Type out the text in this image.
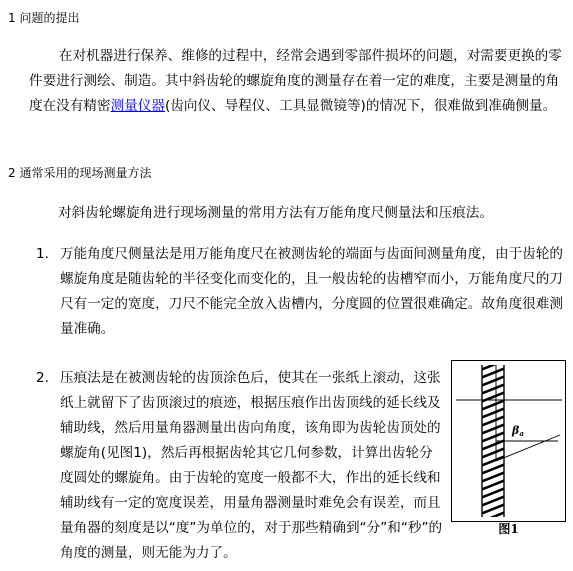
1 问题的提出

在对机器进行保养、维修的过程中，经常会遇到零部件损坏的问题，对需要更换的零件要进行测绘、制造。其中斜齿轮的螺旋角度的测量存在着一定的难度，主要是测量的角度在没有精密测量仪器(齿向仪、导程仪、工具显微镜等)的情况下，很难做到准确侧量。

2 通常采用的现场测量方法

对斜齿轮螺旋角进行现场测量的常用方法有万能角度尺侧量法和压痕法。

1. 万能角度尺侧量法是用万能角度尺在被测齿轮的端面与齿面间测量角度，由于齿轮的螺旋角度是随齿轮的半径变化而变化的，且一般齿轮的齿槽窄而小，万能角度尺的刀尺有一定的宽度，刀尺不能完全放入齿槽内，分度圆的位置很难确定。故角度很难测量准确。

2. 压痕法是在被测齿轮的齿顶涂色后，使其在一张纸上滚动，这张纸上就留下了齿顶滚过的痕迹，根据压痕作出齿顶线的延长线及辅助线，然后用量角器测量出齿向角度，该角即为齿轮齿顶处的螺旋角(见图1)，然后再根据齿轮其它几何参数，计算出齿轮分度圆处的螺旋角。由于齿轮的宽度一般都不大，作出的延长线和辅助线有一定的宽度误差，用量角器测量时难免会有误差，而且量角器的刻度是以“度”为单位的，对于那些精确到“分”和“秒”的角度的测量，则无能为力了。

βa
图1
